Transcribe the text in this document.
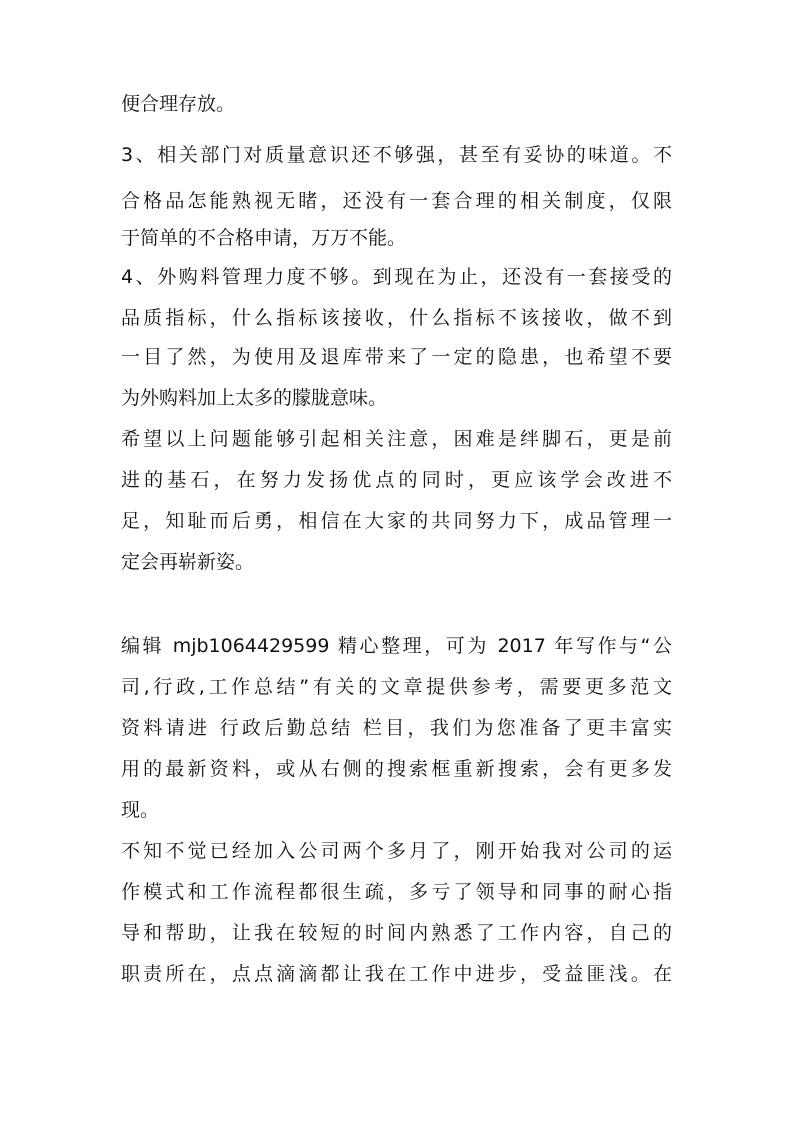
便合理存放。
3、相关部门对质量意识还不够强，甚至有妥协的味道。不
合格品怎能熟视无睹，还没有一套合理的相关制度，仅限
于简单的不合格申请，万万不能。
4、外购料管理力度不够。到现在为止，还没有一套接受的
品质指标，什么指标该接收，什么指标不该接收，做不到
一目了然，为使用及退库带来了一定的隐患，也希望不要
为外购料加上太多的朦胧意味。
希望以上问题能够引起相关注意，困难是绊脚石，更是前
进的基石，在努力发扬优点的同时，更应该学会改进不
足，知耻而后勇，相信在大家的共同努力下，成品管理一
定会再崭新姿。
编辑 mjb1064429599 精心整理，可为 2017 年写作与“公
司,行政,工作总结”有关的文章提供参考，需要更多范文
资料请进 行政后勤总结 栏目，我们为您准备了更丰富实
用的最新资料，或从右侧的搜索框重新搜索，会有更多发
现。
不知不觉已经加入公司两个多月了，刚开始我对公司的运
作模式和工作流程都很生疏，多亏了领导和同事的耐心指
导和帮助，让我在较短的时间内熟悉了工作内容，自己的
职责所在，点点滴滴都让我在工作中进步，受益匪浅。在
